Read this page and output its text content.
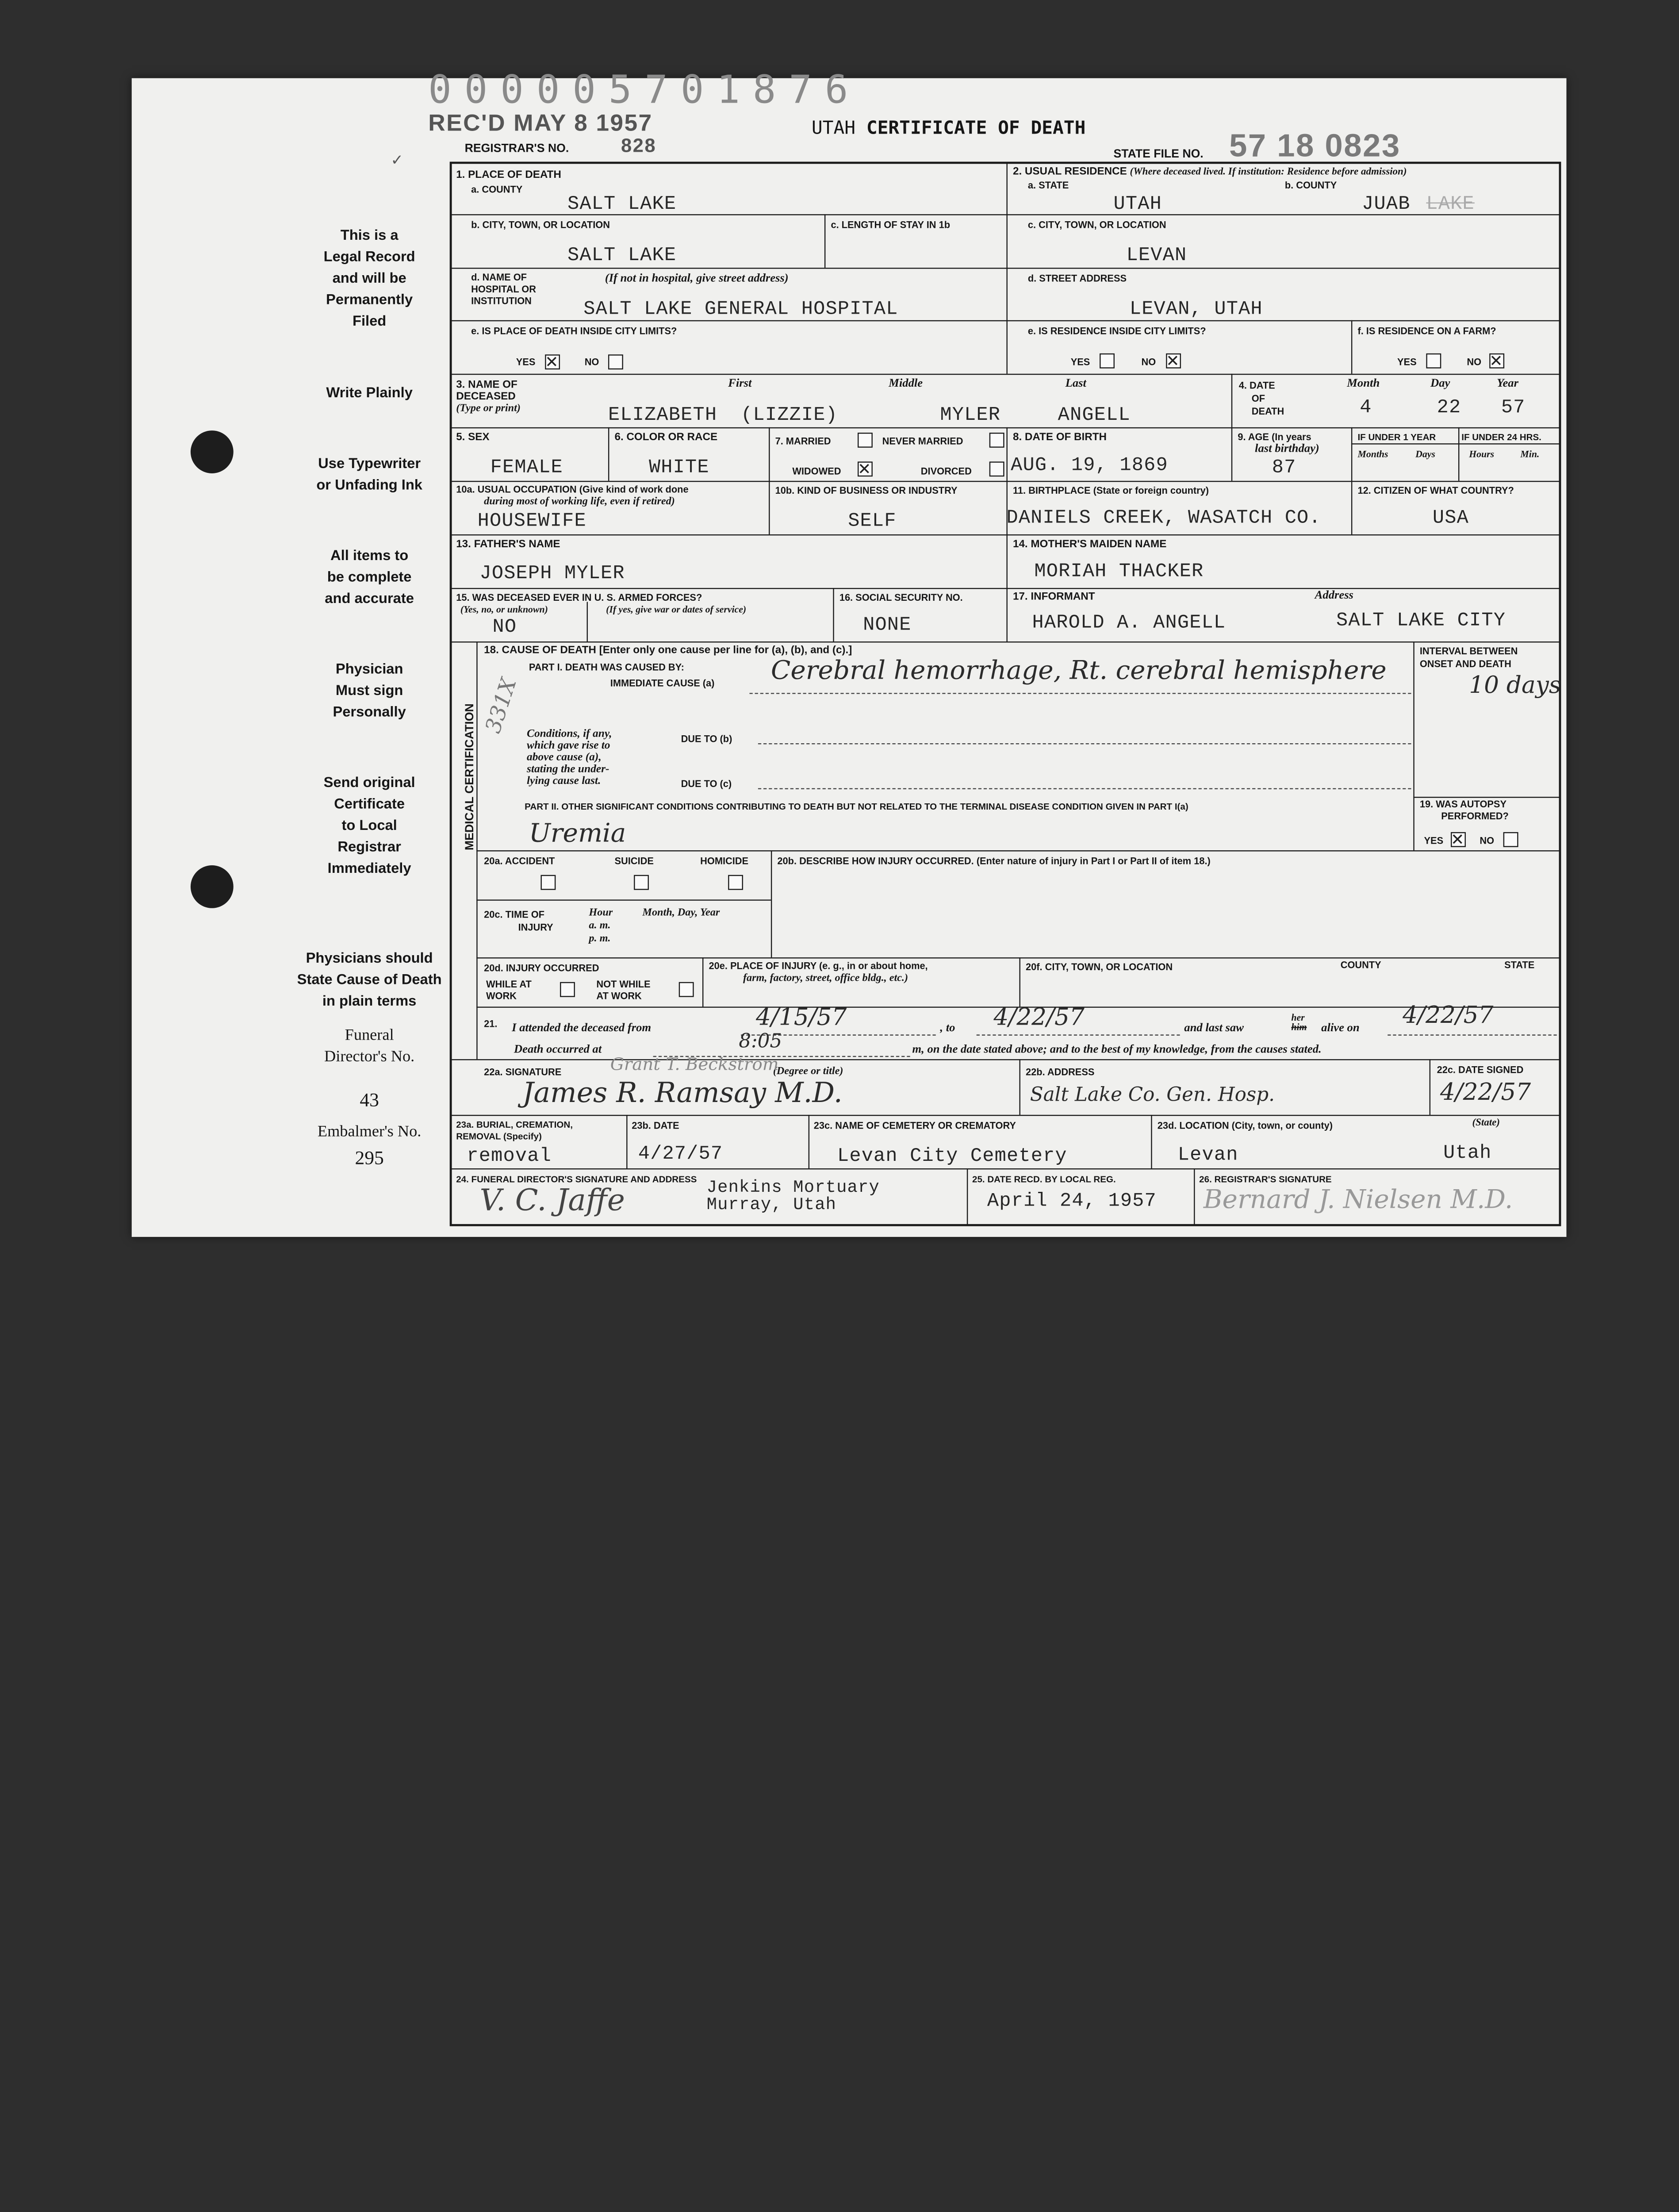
000005701876
REC'D MAY 8 1957
REGISTRAR'S NO.	828
UTAH CERTIFICATE OF DEATH
STATE FILE NO. 57 18 0823
✓
This is a
Legal Record
and will be
Permanently
Filed
Write Plainly
Use Typewriter
or Unfading Ink
All items to
be complete
and accurate
Physician
Must sign
Personally
Send original
Certificate
to Local
Registrar
Immediately
Physicians should
State Cause of Death
in plain terms
Funeral
Director's No.
43
Embalmer's No.
295
1. PLACE OF DEATH
a. COUNTY
SALT LAKE
2. USUAL RESIDENCE (Where deceased lived. If institution: Residence before admission)
a. STATE	b. COUNTY
UTAH	JUAB LAKE
b. CITY, TOWN, OR LOCATION
SALT LAKE
c. LENGTH OF STAY IN 1b	c. CITY, TOWN, OR LOCATION
LEVAN
d. NAME OF
HOSPITAL OR
INSTITUTION
(If not in hospital, give street address)
SALT LAKE GENERAL HOSPITAL
d. STREET ADDRESS
LEVAN, UTAH
e. IS PLACE OF DEATH INSIDE CITY LIMITS?
YES ✕	NO
e. IS RESIDENCE INSIDE CITY LIMITS?
YES	NO ✕
f. IS RESIDENCE ON A FARM?
YES	NO ✕
3. NAME OF
DECEASED
(Type or print)
First	Middle	Last
ELIZABETH	(LIZZIE)	MYLER	ANGELL
4. DATE
OF
DEATH
Month	Day	Year
4	22	57
5. SEX
FEMALE
6. COLOR OR RACE
WHITE
7. MARRIED	NEVER MARRIED
WIDOWED	✕	DIVORCED
8. DATE OF BIRTH
AUG. 19, 1869
9. AGE (In years
last birthday)
87
IF UNDER 1 YEAR	IF UNDER 24 HRS.
Months	Days	Hours	Min.
10a. USUAL OCCUPATION (Give kind of work done
during most of working life, even if retired)
HOUSEWIFE
10b. KIND OF BUSINESS OR INDUSTRY
SELF
11. BIRTHPLACE (State or foreign country)
DANIELS CREEK, WASATCH CO.
12. CITIZEN OF WHAT COUNTRY?
USA
13. FATHER'S NAME
JOSEPH MYLER
14. MOTHER'S MAIDEN NAME
MORIAH THACKER
15. WAS DECEASED EVER IN U. S. ARMED FORCES?
(Yes, no, or unknown)	(If yes, give war or dates of service)
NO
16. SOCIAL SECURITY NO.
NONE
17. INFORMANT	Address
HAROLD A. ANGELL	SALT LAKE CITY
MEDICAL CERTIFICATION
18. CAUSE OF DEATH [Enter only one cause per line for (a), (b), and (c).]
PART I. DEATH WAS CAUSED BY:
IMMEDIATE CAUSE (a)	Cerebral hemorrhage, Rt. cerebral hemisphere
INTERVAL BETWEEN
ONSET AND DEATH
10 days
331X Conditions, if any,
which gave rise to
above cause (a),
stating the under-
lying cause last.
DUE TO (b)
DUE TO (c)
PART II. OTHER SIGNIFICANT CONDITIONS CONTRIBUTING TO DEATH BUT NOT RELATED TO THE TERMINAL DISEASE CONDITION GIVEN IN PART I(a)
Uremia
19. WAS AUTOPSY
PERFORMED?
YES ✕	NO
20a. ACCIDENT	SUICIDE	HOMICIDE	20b. DESCRIBE HOW INJURY OCCURRED. (Enter nature of injury in Part I or Part II of item 18.)
20c. TIME OF
INJURY
Hour
a. m.
p. m.
Month, Day, Year
20d. INJURY OCCURRED
WHILE AT
WORK
NOT WHILE
AT WORK
20e. PLACE OF INJURY (e. g., in or about home,
farm, factory, street, office bldg., etc.)
20f. CITY, TOWN, OR LOCATION	COUNTY	STATE
21.	I attended the deceased from	4/15/57	, to	4/22/57	and last saw
her
him	alive on	4/22/57
Death occurred at	8:05	m, on the date stated above; and to the best of my knowledge, from the causes stated.
22a. SIGNATURE	(Degree or title)
Grant T. Beckstrom
James R. Ramsay M.D.
22b. ADDRESS
Salt Lake Co. Gen. Hosp.
22c. DATE SIGNED
4/22/57
23a. BURIAL, CREMATION,
REMOVAL (Specify)
removal
23b. DATE
4/27/57
23c. NAME OF CEMETERY OR CREMATORY
Levan City Cemetery
23d. LOCATION (City, town, or county)	(State)
Levan	Utah
24. FUNERAL DIRECTOR'S SIGNATURE AND ADDRESS
V. C. Jaffe	Jenkins Mortuary
Murray, Utah
25. DATE RECD. BY LOCAL REG.
April 24, 1957
26. REGISTRAR'S SIGNATURE
Bernard J. Nielsen M.D.
